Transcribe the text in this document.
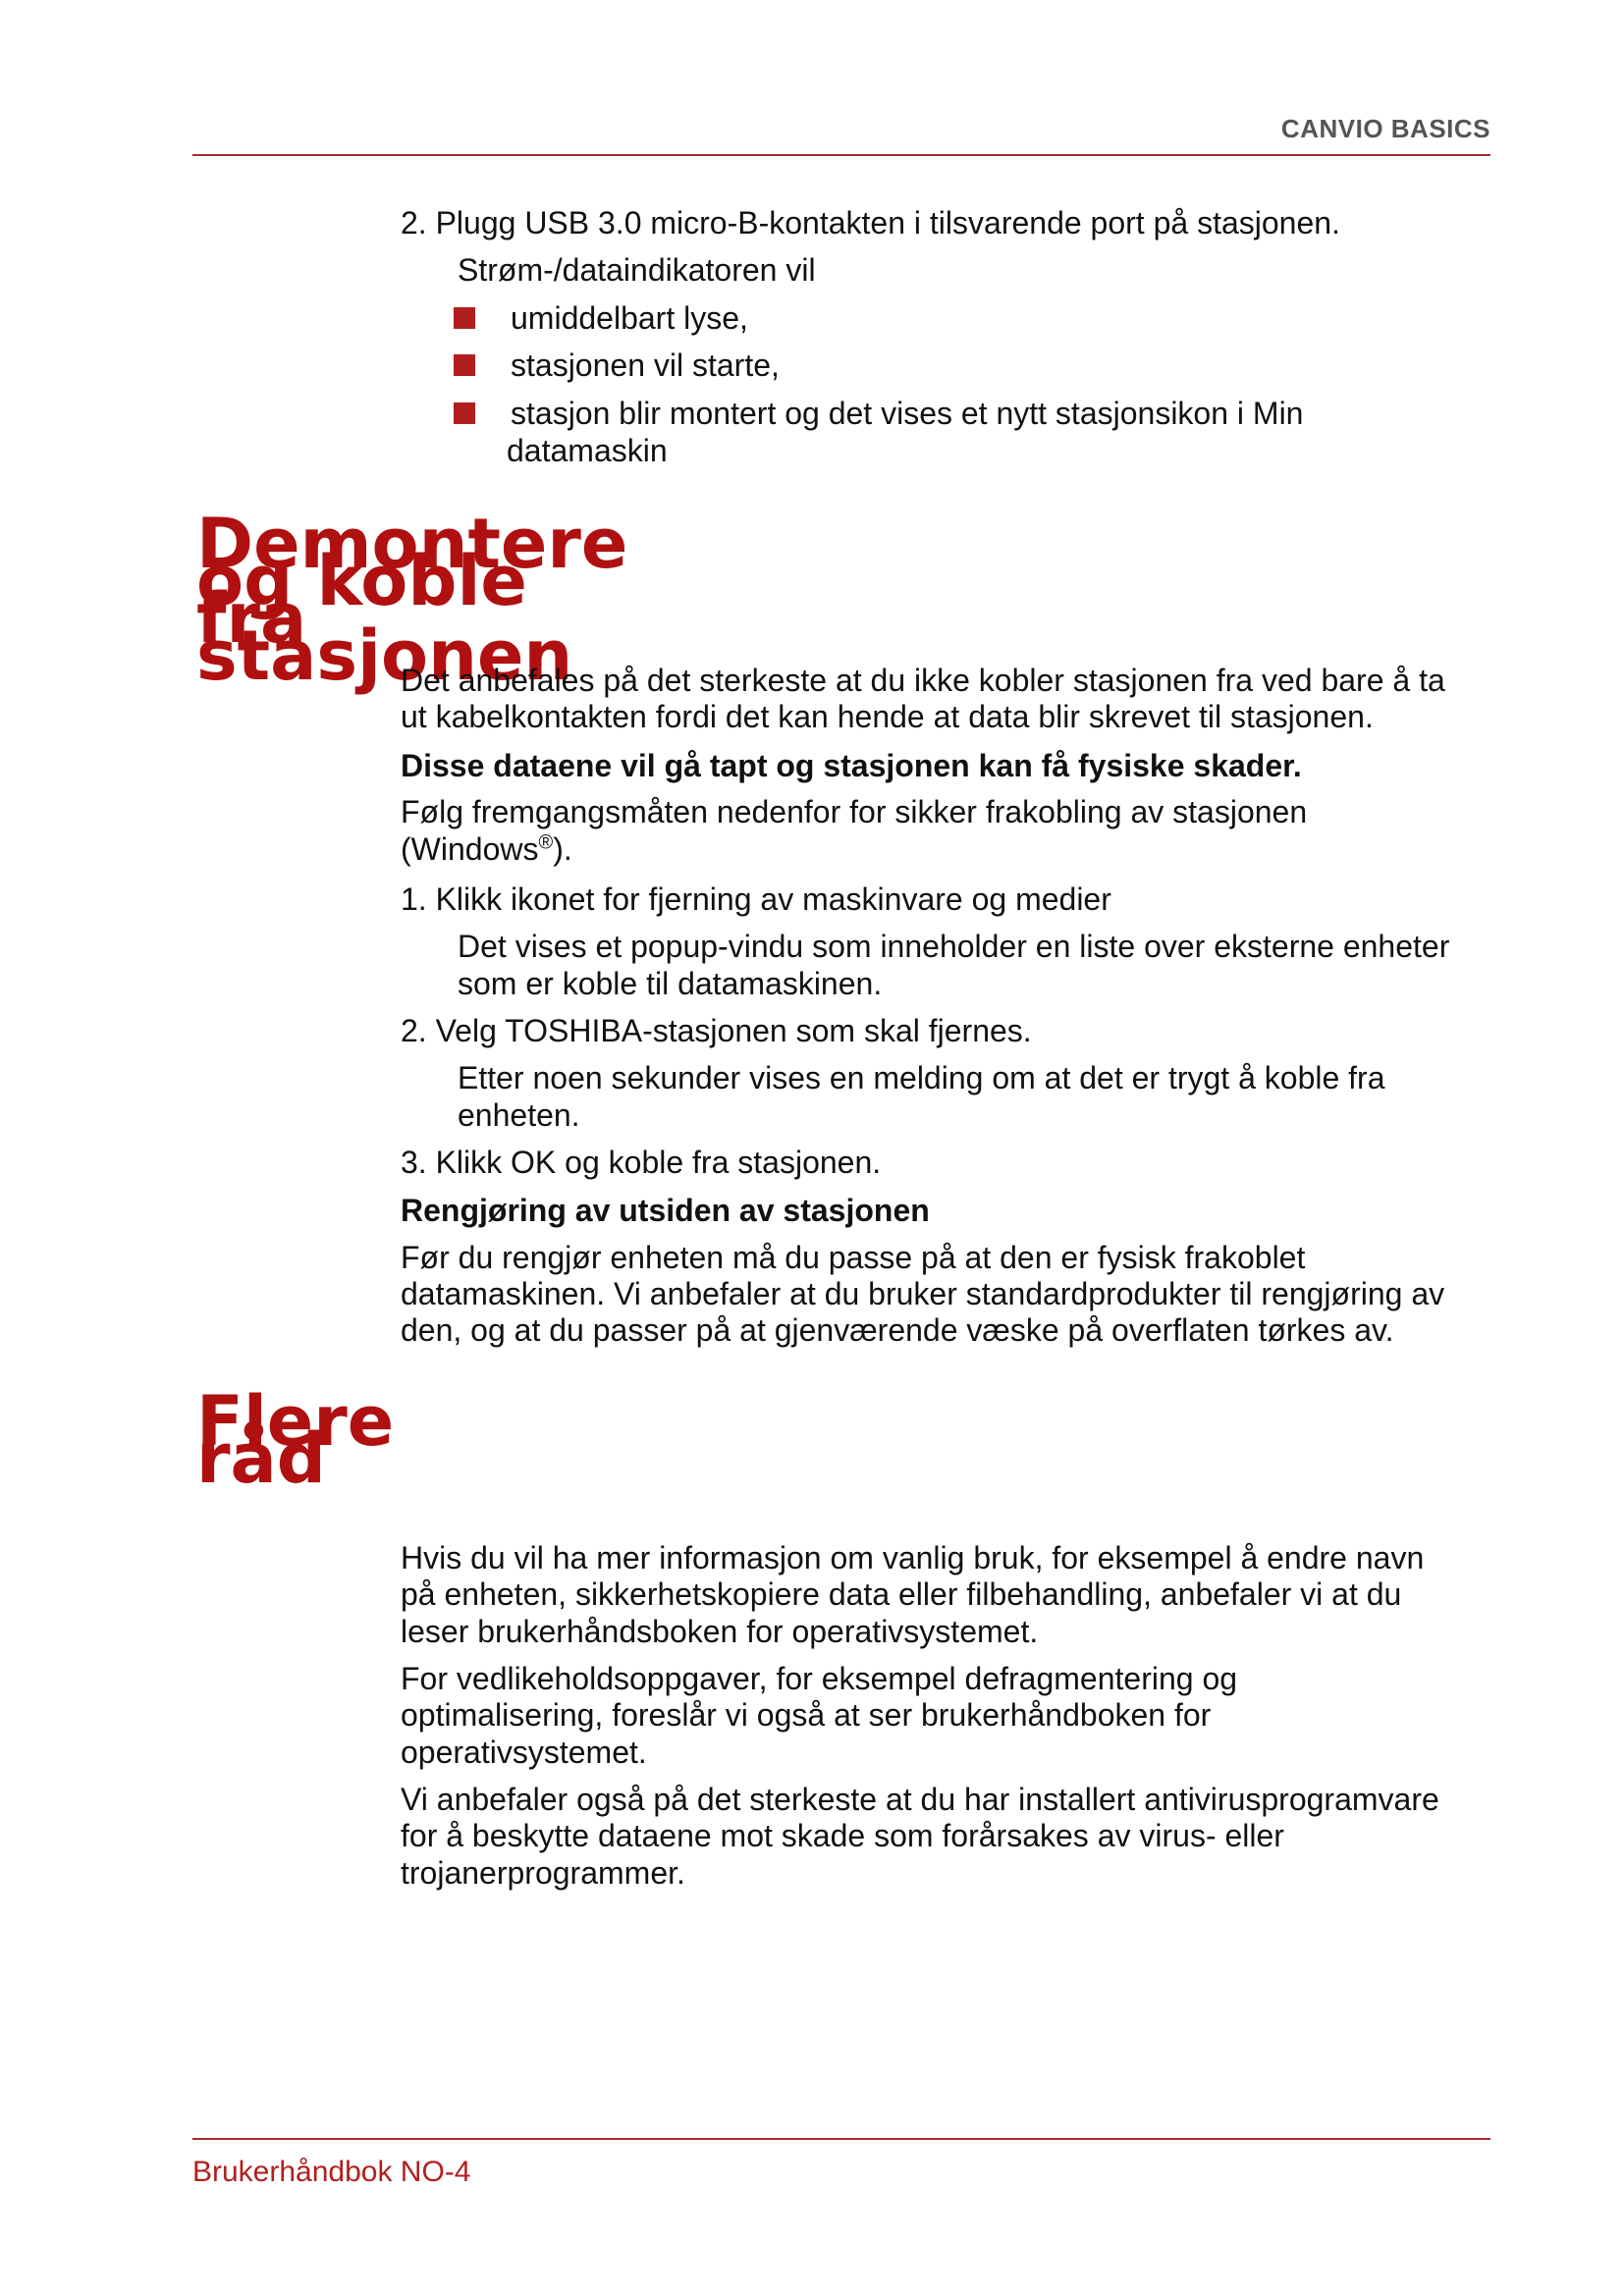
CANVIO BASICS
2. Plugg USB 3.0 micro-B-kontakten i tilsvarende port på stasjonen.
Strøm-/dataindikatoren vil
umiddelbart lyse,
stasjonen vil starte,
stasjon blir montert og det vises et nytt stasjonsikon i Min
datamaskin
Demontere og koble fra stasjonen
Det anbefales på det sterkeste at du ikke kobler stasjonen fra ved bare å ta
ut kabelkontakten fordi det kan hende at data blir skrevet til stasjonen.
Disse dataene vil gå tapt og stasjonen kan få fysiske skader.
Følg fremgangsmåten nedenfor for sikker frakobling av stasjonen
(Windows®).
1. Klikk ikonet for fjerning av maskinvare og medier
Det vises et popup-vindu som inneholder en liste over eksterne enheter
som er koble til datamaskinen.
2. Velg TOSHIBA-stasjonen som skal fjernes.
Etter noen sekunder vises en melding om at det er trygt å koble fra
enheten.
3. Klikk OK og koble fra stasjonen.
Rengjøring av utsiden av stasjonen
Før du rengjør enheten må du passe på at den er fysisk frakoblet
datamaskinen. Vi anbefaler at du bruker standardprodukter til rengjøring av
den, og at du passer på at gjenværende væske på overflaten tørkes av.
Flere råd
Hvis du vil ha mer informasjon om vanlig bruk, for eksempel å endre navn
på enheten, sikkerhetskopiere data eller filbehandling, anbefaler vi at du
leser brukerhåndsboken for operativsystemet.
For vedlikeholdsoppgaver, for eksempel defragmentering og
optimalisering, foreslår vi også at ser brukerhåndboken for
operativsystemet.
Vi anbefaler også på det sterkeste at du har installert antivirusprogramvare
for å beskytte dataene mot skade som forårsakes av virus- eller
trojanerprogrammer.
Brukerhåndbok NO-4
